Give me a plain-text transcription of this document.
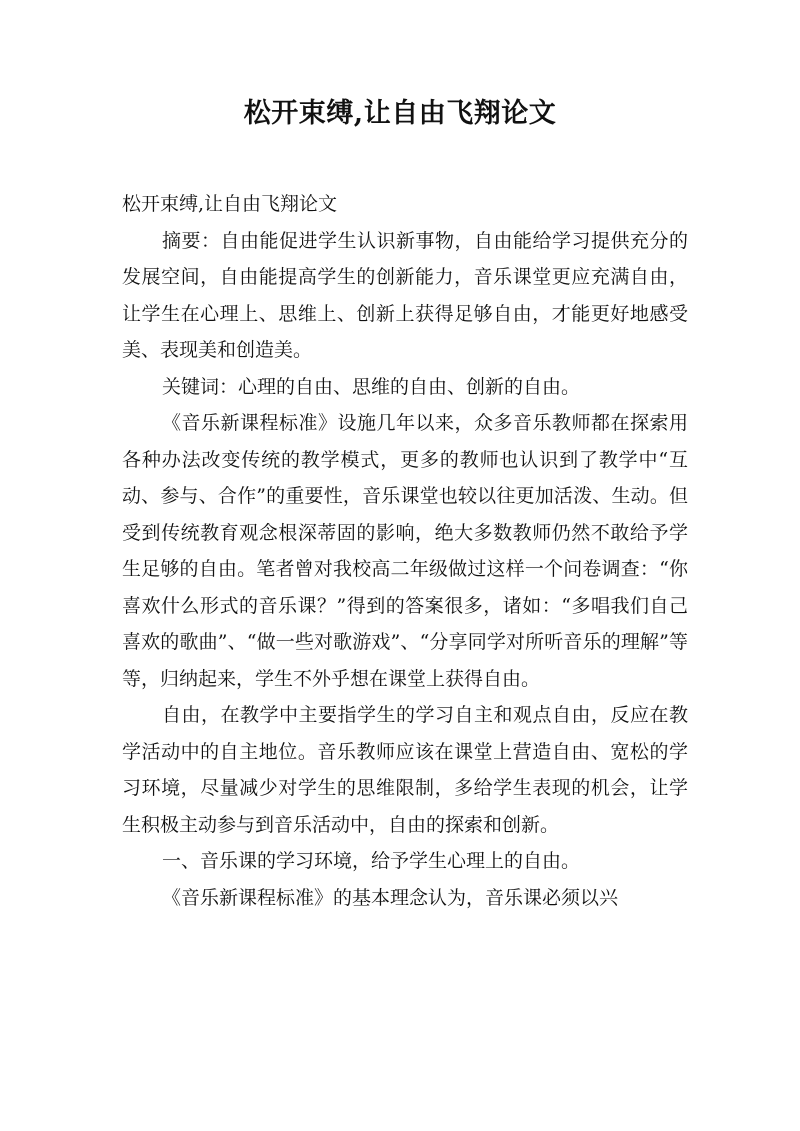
松开束缚,让自由飞翔论文

松开束缚,让自由飞翔论文

摘要：自由能促进学生认识新事物，自由能给学习提供充分的发展空间，自由能提高学生的创新能力，音乐课堂更应充满自由，让学生在心理上、思维上、创新上获得足够自由，才能更好地感受美、表现美和创造美。

关键词：心理的自由、思维的自由、创新的自由。

《音乐新课程标准》设施几年以来，众多音乐教师都在探索用各种办法改变传统的教学模式，更多的教师也认识到了教学中“互动、参与、合作”的重要性，音乐课堂也较以往更加活泼、生动。但受到传统教育观念根深蒂固的影响，绝大多数教师仍然不敢给予学生足够的自由。笔者曾对我校高二年级做过这样一个问卷调查：“你喜欢什么形式的音乐课？”得到的答案很多，诸如：“多唱我们自己喜欢的歌曲”、“做一些对歌游戏”、“分享同学对所听音乐的理解”等等，归纳起来，学生不外乎想在课堂上获得自由。

自由，在教学中主要指学生的学习自主和观点自由，反应在教学活动中的自主地位。音乐教师应该在课堂上营造自由、宽松的学习环境，尽量减少对学生的思维限制，多给学生表现的机会，让学生积极主动参与到音乐活动中，自由的探索和创新。

一、音乐课的学习环境，给予学生心理上的自由。

《音乐新课程标准》的基本理念认为，音乐课必须以兴
